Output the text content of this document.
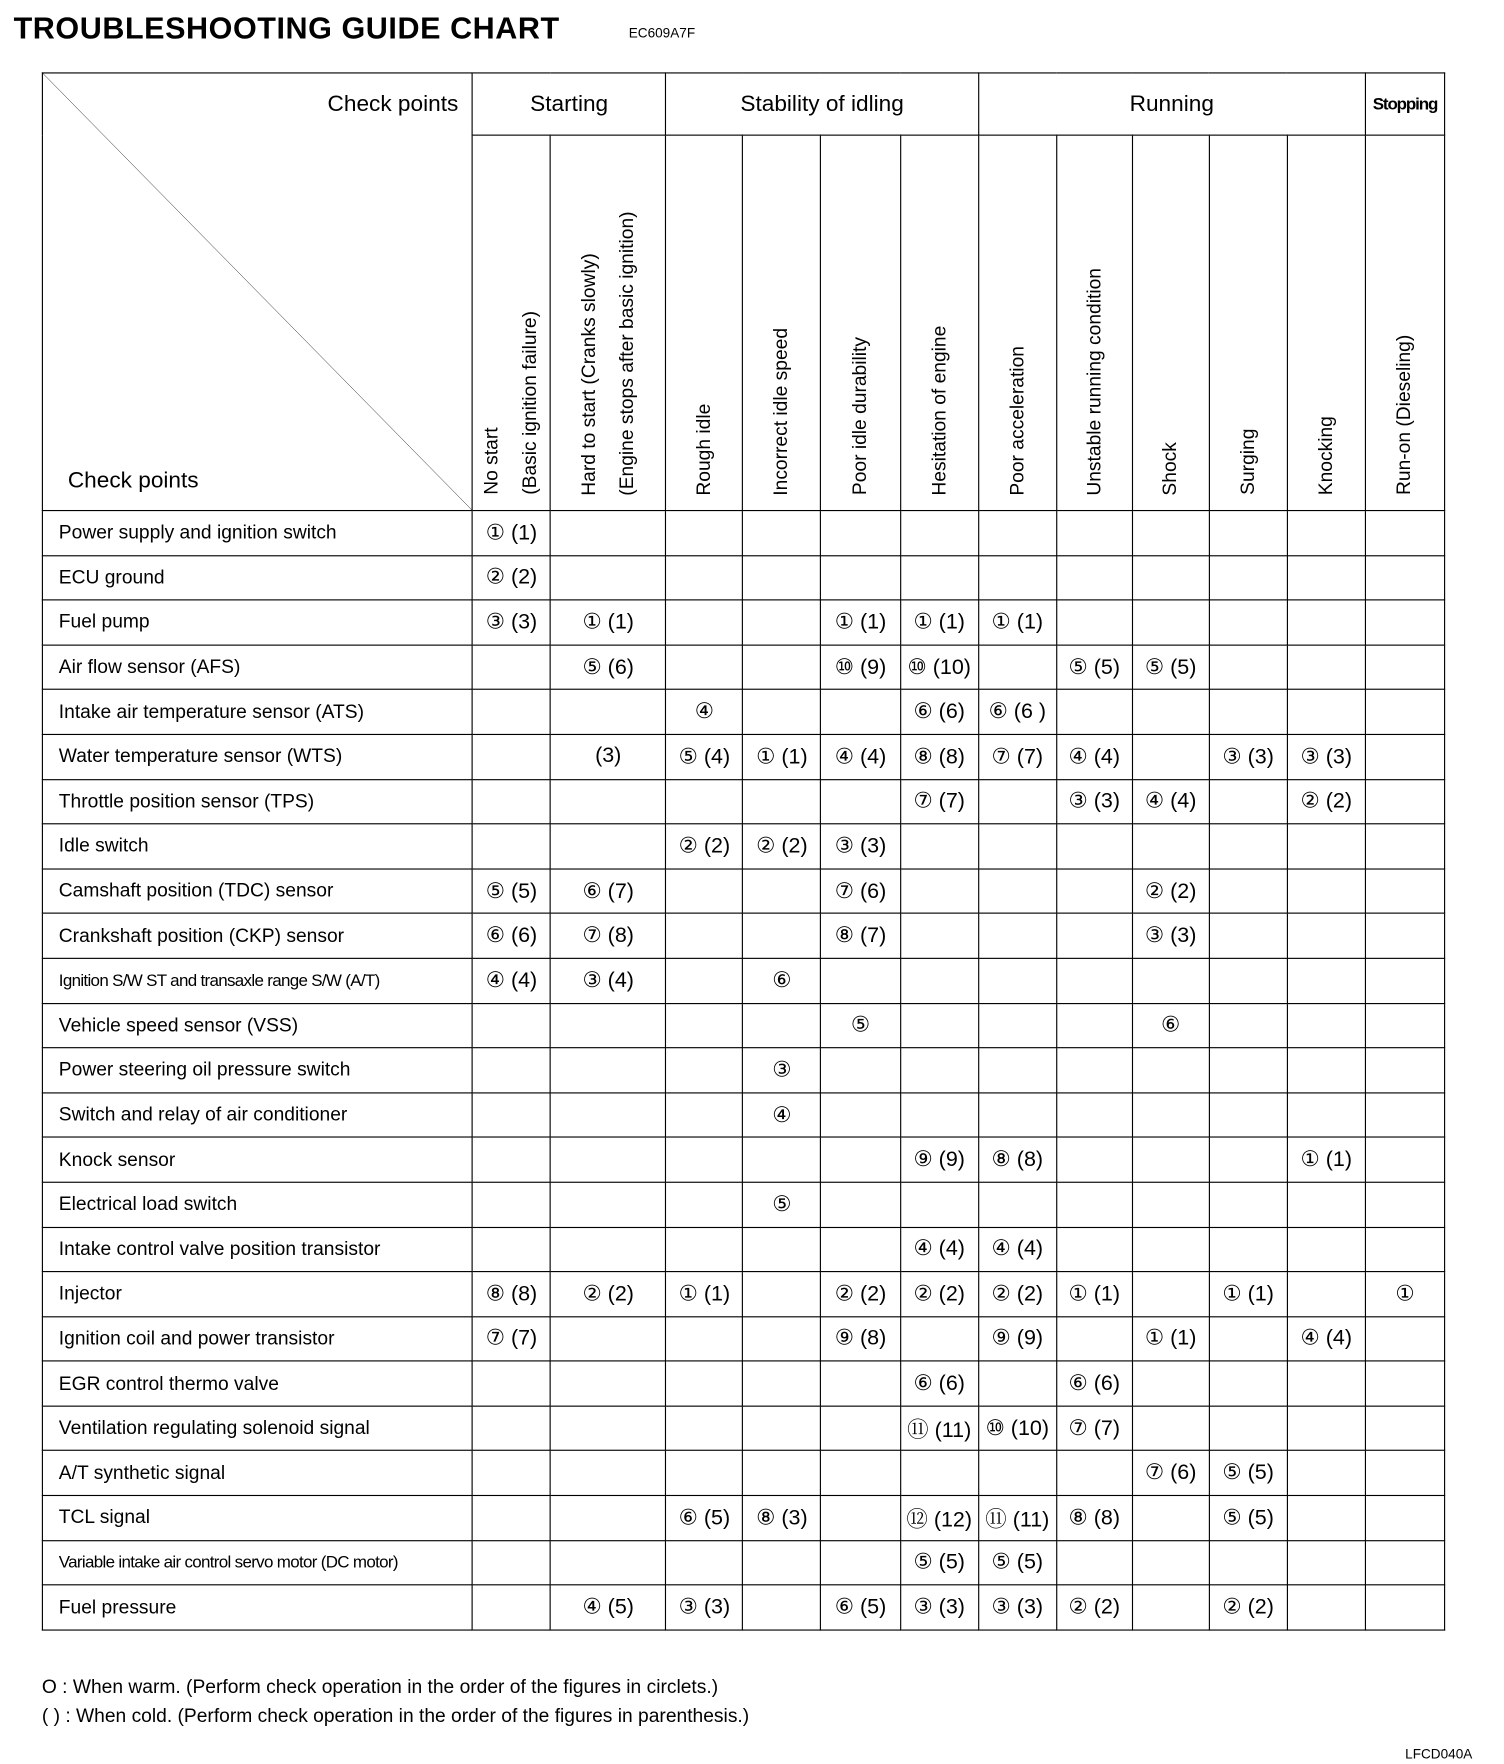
TROUBLESHOOTING GUIDE CHART	EC609A7F
Check points
Check points	Starting		Stability of idling				Running					Stopping
	No start (Basic ignition failure)	Hard to start (Cranks slowly) (Engine stops after basic ignition)	Rough idle	Incorrect idle speed	Poor idle durability	Hesitation of engine	Poor acceleration	Unstable running condition	Shock	Surging	Knocking	Run-on (Dieseling)
Power supply and ignition switch	① (1)											
ECU ground	② (2)											
Fuel pump	③ (3)	① (1)			① (1)	① (1)	① (1)					
Air flow sensor (AFS)		⑤ (6)			⑩ (9)	⑩ (10)		⑤ (5)	⑤ (5)			
Intake air temperature sensor (ATS)			④			⑥ (6)	⑥ (6 )					
Water temperature sensor (WTS)		(3)	⑤ (4)	① (1)	④ (4)	⑧ (8)	⑦ (7)	④ (4)		③ (3)	③ (3)	
Throttle position sensor (TPS)						⑦ (7)		③ (3)	④ (4)		② (2)	
Idle switch			② (2)	② (2)	③ (3)							
Camshaft position (TDC) sensor	⑤ (5)	⑥ (7)			⑦ (6)				② (2)			
Crankshaft position (CKP) sensor	⑥ (6)	⑦ (8)			⑧ (7)				③ (3)			
Ignition S/W ST and transaxle range S/W (A/T)	④ (4)	③ (4)		⑥								
Vehicle speed sensor (VSS)					⑤				⑥			
Power steering oil pressure switch				③								
Switch and relay of air conditioner				④								
Knock sensor						⑨ (9)	⑧ (8)				① (1)	
Electrical load switch				⑤								
Intake control valve position transistor						④ (4)	④ (4)					
Injector	⑧ (8)	② (2)	① (1)		② (2)	② (2)	② (2)	① (1)		① (1)		①
Ignition coil and power transistor	⑦ (7)				⑨ (8)		⑨ (9)		① (1)		④ (4)	
EGR control thermo valve						⑥ (6)		⑥ (6)				
Ventilation regulating solenoid signal						⑪ (11)	⑩ (10)	⑦ (7)				
A/T synthetic signal									⑦ (6)	⑤ (5)		
TCL signal			⑥ (5)	⑧ (3)		⑫ (12)	⑪ (11)	⑧ (8)		⑤ (5)		
Variable intake air control servo motor (DC motor)						⑤ (5)	⑤ (5)					
Fuel pressure		④ (5)	③ (3)		⑥ (5)	③ (3)	③ (3)	② (2)		② (2)		
O : When warm. (Perform check operation in the order of the figures in circlets.)
( ) : When cold. (Perform check operation in the order of the figures in parenthesis.)
LFCD040A
